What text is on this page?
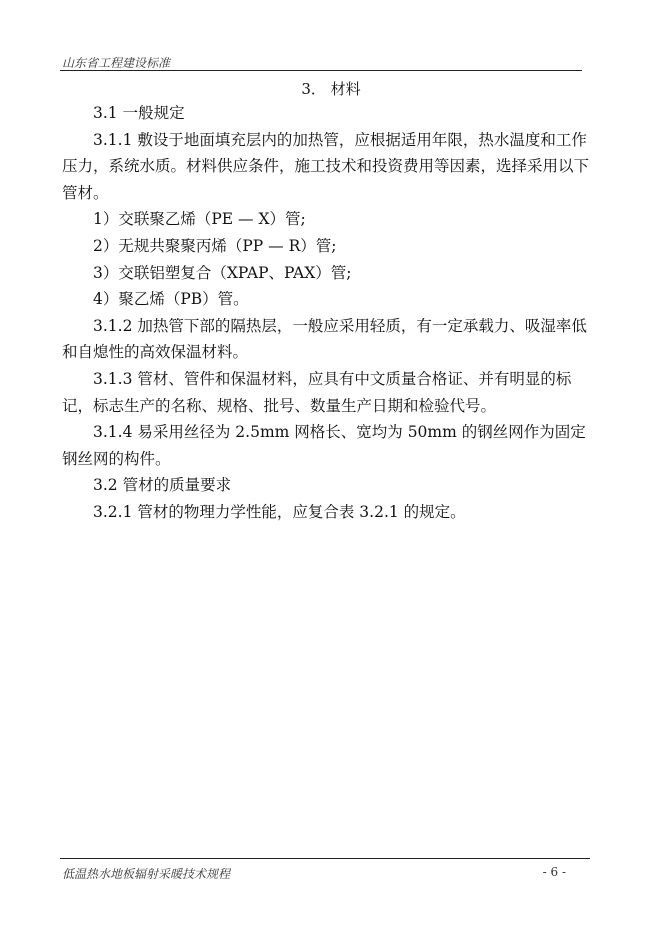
山东省工程建设标准
3． 材料

3.1 一般规定

3.1.1 敷设于地面填充层内的加热管，应根据适用年限，热水温度和工作压力，系统水质。材料供应条件，施工技术和投资费用等因素，选择采用以下管材。

1）交联聚乙烯（PE — X）管;

2）无规共聚聚丙烯（PP — R）管;

3）交联铝塑复合（XPAP、PAX）管;

4）聚乙烯（PB）管。

3.1.2 加热管下部的隔热层，一般应采用轻质，有一定承载力、吸湿率低和自熄性的高效保温材料。

3.1.3 管材、管件和保温材料，应具有中文质量合格证、并有明显的标记，标志生产的名称、规格、批号、数量生产日期和检验代号。

3.1.4 易采用丝径为 2.5mm 网格长、宽均为 50mm 的钢丝网作为固定钢丝网的构件。

3.2 管材的质量要求

3.2.1 管材的物理力学性能，应复合表 3.2.1 的规定。

低温热水地板辐射采暖技术规程	- 6 -
